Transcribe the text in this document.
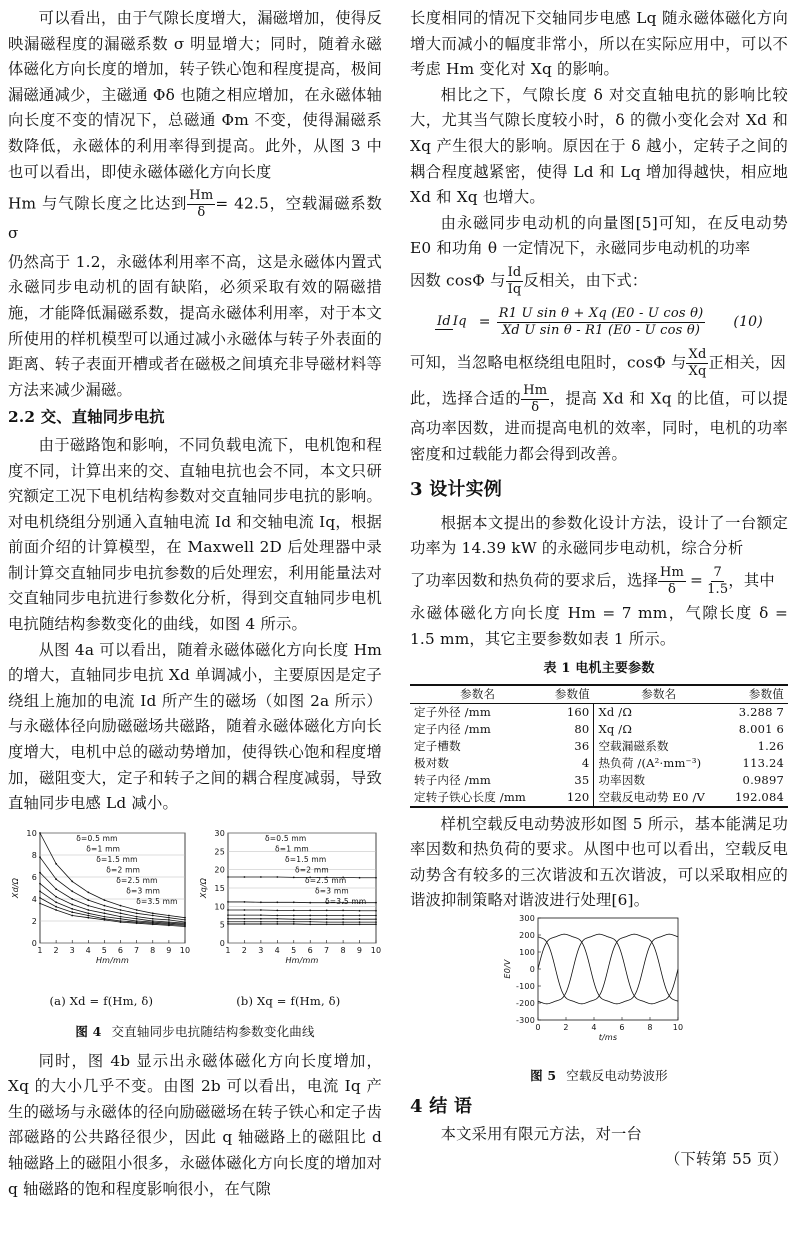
可以看出，由于气隙长度增大，漏磁增加，使得反映漏磁程度的漏磁系数 σ 明显增大；同时，随着永磁体磁化方向长度的增加，转子铁心饱和程度提高，极间漏磁通减少，主磁通 Φδ 也随之相应增加，在永磁体轴向长度不变的情况下，总磁通 Φm 不变，使得漏磁系数降低，永磁体的利用率得到提高。此外，从图 3 中也可以看出，即使永磁体磁化方向长度

Hm 与气隙长度之比达到 $\frac{Hm}{\delta} = 42.5$，空载漏磁系数 σ

仍然高于 1.2，永磁体利用率不高，这是永磁体内置式永磁同步电动机的固有缺陷，必须采取有效的隔磁措施，才能降低漏磁系数，提高永磁体利用率，对于本文所使用的样机模型可以通过减小永磁体与转子外表面的距离、转子表面开槽或者在磁极之间填充非导磁材料等方法来减少漏磁。

2.2 交、直轴同步电抗

由于磁路饱和影响，不同负载电流下，电机饱和程度不同，计算出来的交、直轴电抗也会不同，本文只研究额定工况下电机结构参数对交直轴同步电抗的影响。对电机绕组分别通入直轴电流 Id 和交轴电流 Iq，根据前面介绍的计算模型，在 Maxwell 2D 后处理器中录制计算交直轴同步电抗参数的后处理宏，利用能量法对交直轴同步电抗进行参数化分析，得到交直轴同步电机电抗随结构参数变化的曲线，如图 4 所示。

从图 4a 可以看出，随着永磁体磁化方向长度 Hm 的增大，直轴同步电抗 Xd 单调减小，主要原因是定子绕组上施加的电流 Id 所产生的磁场（如图 2a 所示）与永磁体径向励磁磁场共磁路，随着永磁体磁化方向长度增大，电机中总的磁动势增加，使得铁心饱和程度增加，磁阻变大，定子和转子之间的耦合程度减弱，导致直轴同步电感 Ld 减小。

0
2
4
6
8
10
1 2 3 4 5 6 7 8 9 10
Hm/mm
Xd/Ω
δ=0.5 mm
δ=1 mm
δ=1.5 mm
δ=2 mm
δ=2.5 mm
δ=3 mm
δ=3.5 mm
0
5
10
15
20
25
30
1 2 3 4 5 6 7 8 9 10
Hm/mm
Xq/Ω
δ=0.5 mm
δ=1 mm
δ=1.5 mm
δ=2 mm
δ=2.5 mm
δ=3 mm
δ=3.5 mm
(a) Xd = f(Hm, δ)	(b) Xq = f(Hm, δ)
图 4 交直轴同步电抗随结构参数变化曲线

同时，图 4b 显示出永磁体磁化方向长度增加，Xq 的大小几乎不变。由图 2b 可以看出，电流 Iq 产生的磁场与永磁体的径向励磁磁场在转子铁心和定子齿部磁路的公共路径很少，因此 q 轴磁路上的磁阻比 d 轴磁路上的磁阻小很多，永磁体磁化方向长度的增加对 q 轴磁路的饱和程度影响很小，在气隙

长度相同的情况下交轴同步电感 Lq 随永磁体磁化方向增大而减小的幅度非常小，所以在实际应用中，可以不考虑 Hm 变化对 Xq 的影响。

相比之下，气隙长度 δ 对交直轴电抗的影响比较大，尤其当气隙长度较小时，δ 的微小变化会对 Xd 和 Xq 产生很大的影响。原因在于 δ 越小，定转子之间的耦合程度越紧密，使得 Ld 和 Lq 增加得越快，相应地 Xd 和 Xq 也增大。

由永磁同步电动机的向量图[5]可知，在反电动势 E0 和功角 θ 一定情况下，永磁同步电动机的功率

因数 cosΦ 与 $\frac{Id}{Iq}$ 反相关，由下式：

Id $Iq = \frac{\text{R1 U sin θ + Xq (E0 - U cos θ)}}{\text{Xd U sin θ - R1 (E0 - U cos θ)}} (10)$

可知，当忽略电枢绕组电阻时，cosΦ 与 $\frac{Xd}{Xq}$ 正相关，因

此，选择合适的 $\frac{Hm}{\delta}$ ，提高 Xd 和 Xq 的比值，可以提高功率因数，进而提高电机的效率，同时，电机的功率密度和过载能力都会得到改善。

3 设计实例

根据本文提出的参数化设计方法，设计了一台额定功率为 14.39 kW 的永磁同步电动机，综合分析

了功率因数和热负荷的要求后，选择 $\frac{Hm}{\delta} = \frac{7}{1.5}$ ，其中

永磁体磁化方向长度 Hm = 7 mm，气隙长度 δ = 1.5 mm，其它主要参数如表 1 所示。

表 1 电机主要参数
参数名	参数值	参数名	参数值
定子外径 /mm	160	Xd /Ω	3.288 7
定子内径 /mm	80	Xq /Ω	8.001 6
定子槽数	36	空载漏磁系数	1.26
极对数	4	热负荷 /(A²·mm⁻³)	113.24
转子内径 /mm	35	功率因数	0.9897
定转子铁心长度 /mm	120	空载反电动势 E0 /V	192.084

样机空载反电动势波形如图 5 所示，基本能满足功率因数和热负荷的要求。从图中也可以看出，空载反电动势含有较多的三次谐波和五次谐波，可以采取相应的谐波抑制策略对谐波进行处理[6]。

-300
-200
-100
0
100
200
300
0	2	4	6	8	10
t/ms
E0/V
图 5 空载反电动势波形
4 结 语

本文采用有限元方法，对一台
（下转第 55 页）
